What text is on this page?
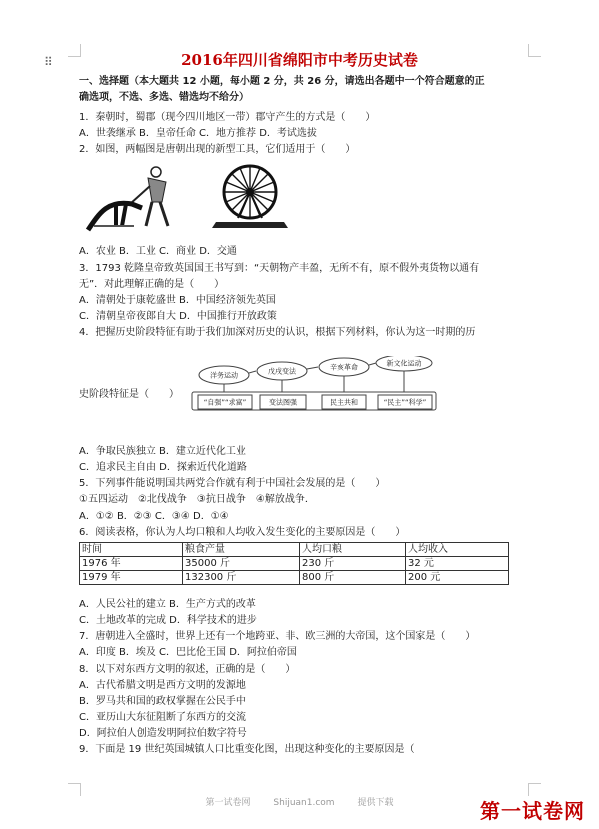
⠿	2016年四川省绵阳市中考历史试卷
一、选择题（本大题共 12 小题，每小题 2 分，共 26 分，请选出各题中一个符合题意的正
确选项，不选、多选、错选均不给分）
1．秦朝时，蜀郡（现今四川地区一带）郡守产生的方式是（　　）
A．世袭继承 B．皇帝任命 C．地方推荐 D．考试选拔
2．如图，两幅图是唐朝出现的新型工具，它们适用于（　　）
A．农业 B．工业 C．商业 D．交通
3．1793 乾隆皇帝致英国国王书写到：“天朝物产丰盈，无所不有，原不假外夷货物以通有
无”．对此理解正确的是（　　）
A．清朝处于康乾盛世 B．中国经济领先英国
C．清朝皇帝夜郎自大 D．中国推行开放政策
4．把握历史阶段特征有助于我们加深对历史的认识，根据下列材料，你认为这一时期的历
洋务运动	戊戌变法	辛亥革命	新文化运动
“自强”“求富”	变法图强	民主共和	“民主”“科学”
史阶段特征是（　　）
A．争取民族独立 B．建立近代化工业
C．追求民主自由 D．探索近代化道路
5．下列事件能说明国共两党合作就有利于中国社会发展的是（　　）
①五四运动　②北伐战争　③抗日战争　④解放战争．
A．①② B．②③ C．③④ D．①④
6．阅读表格，你认为人均口粮和人均收入发生变化的主要原因是（　　）
时间	粮食产量	人均口粮	人均收入
1976 年	35000 斤	230 斤	32 元
1979 年	132300 斤	800 斤	200 元
A．人民公社的建立 B．生产方式的改革
C．土地改革的完成 D．科学技术的进步
7．唐朝进入全盛时，世界上还有一个地跨亚、非、欧三洲的大帝国，这个国家是（　　）
A．印度 B．埃及 C．巴比伦王国 D．阿拉伯帝国
8．以下对东西方文明的叙述，正确的是（　　）
A．古代希腊文明是西方文明的发源地
B．罗马共和国的政权掌握在公民手中
C．亚历山大东征阻断了东西方的交流
D．阿拉伯人创造发明阿拉伯数字符号
9．下面是 19 世纪英国城镇人口比重变化图，出现这种变化的主要原因是（　　
第一试卷网	Shijuan1.com	提供下载	第一试卷网
